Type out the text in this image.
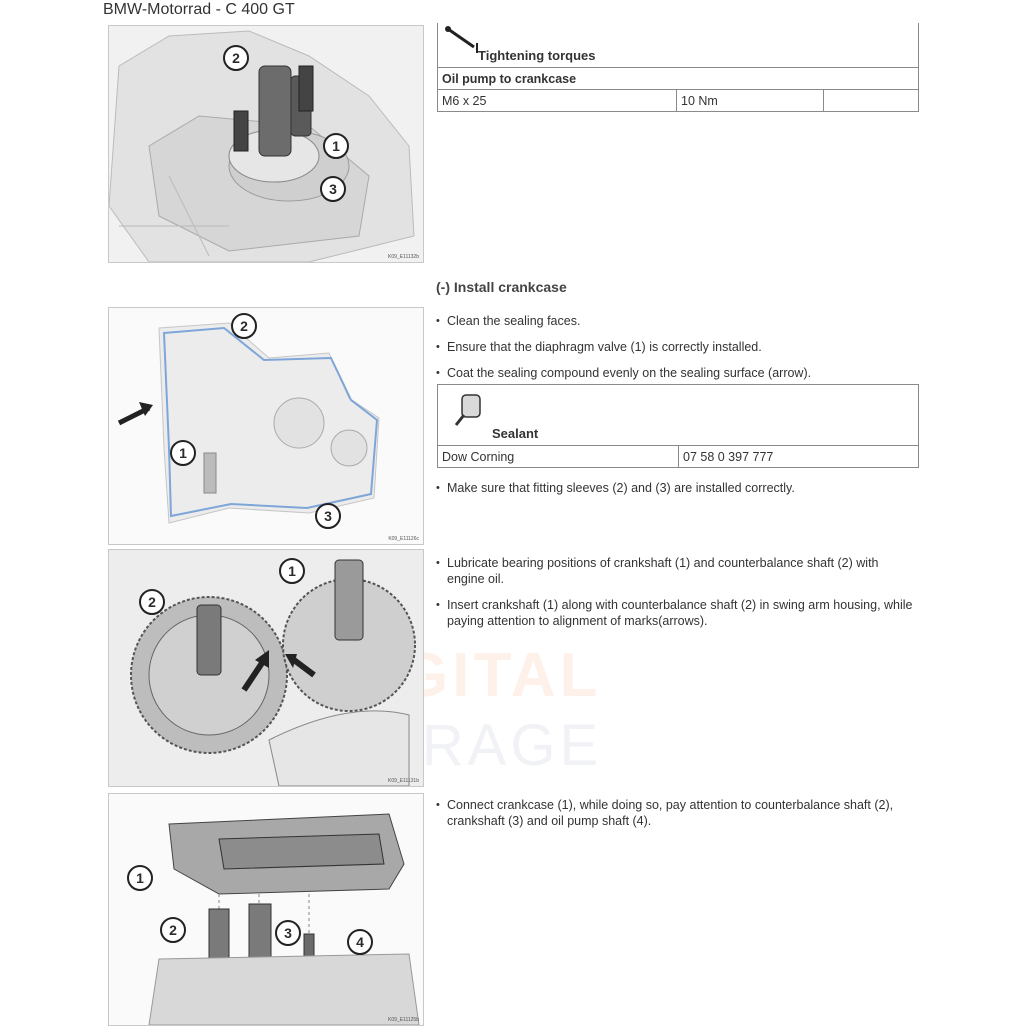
BMW-Motorrad - C 400 GT
DIGITAL
GARAGE
2
1
3
K09_E11132b
Tightening torques

Oil pump to crankcase
M6 x 25	10 Nm	
(-) Install crankcase
2
1
3
K09_E11126c
• Clean the sealing faces.
• Ensure that the diaphragm valve (1) is correctly installed.
• Coat the sealing compound evenly on the sealing surface (arrow).
Sealant

Dow Corning	07 58 0 397 777
• Make sure that fitting sleeves (2) and (3) are installed correctly.
2
1
K09_E11131b
• Lubricate bearing positions of crankshaft (1) and counterbalance shaft (2) with engine oil.
• Insert crankshaft (1) along with counterbalance shaft (2) in swing arm housing, while paying attention to alignment of marks(arrows).
1
2	3
4
K09_E11125b
• Connect crankcase (1), while doing so, pay attention to counterbalance shaft (2), crankshaft (3) and oil pump shaft (4).
